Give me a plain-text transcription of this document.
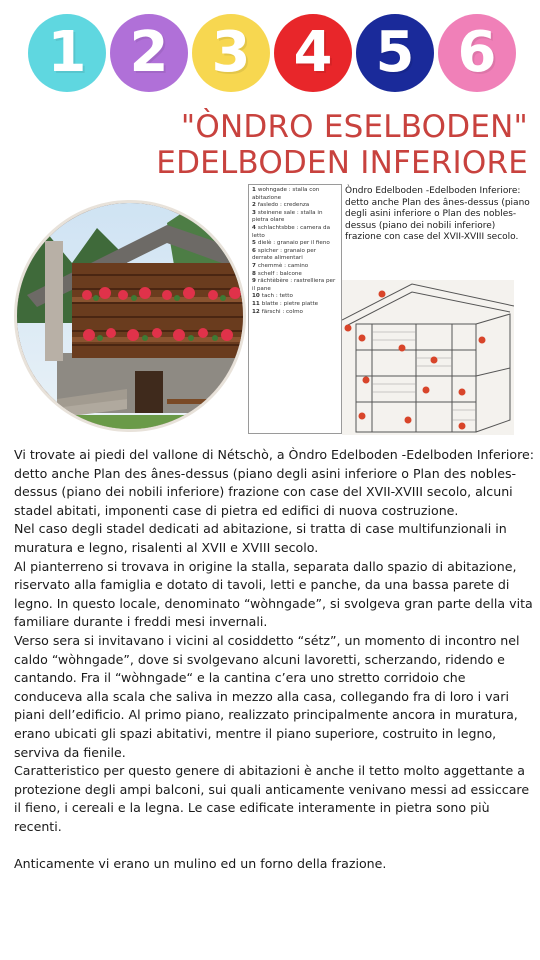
1 2 3 4 5 6
"ÒNDRO ESELBODEN"
EDELBODEN INFERIORE
1 wohngade : stalla con abitazione
2 fasledo : credenza
3 steinene sale : stalla in pietra olare
4 schlachtsbbe : camera da letto
5 dielè : granaio per il fieno
6 spicher : granaio per derrate alimentari
7 chemmè : camino
8 schelf : balcone
9 rächtèbère : rastrelliera per il pane
10 tach : tetto
11 blatte : pietre piatte
12 färschi : colmo
Òndro Edelboden -Edelboden Inferiore: detto anche Plan des ânes-dessus (piano degli asini inferiore o Plan des nobles-dessus (piano dei nobili inferiore) frazione con case del XVII-XVIII secolo.

Vi trovate ai piedi del vallone di Nétschò, a Òndro Edelboden -Edelboden Inferiore: detto anche Plan des ânes-dessus (piano degli asini inferiore o Plan des nobles-dessus (piano dei nobili inferiore) frazione con case del XVII-XVIII secolo, alcuni stadel abitati, imponenti case di pietra ed edifici di nuova costruzione.

Nel caso degli stadel dedicati ad abitazione, si tratta di case multifunzionali in muratura e legno, risalenti al XVII e XVIII secolo.

Al pianterreno si trovava in origine la stalla, separata dallo spazio di abitazione, riservato alla famiglia e dotato di tavoli, letti e panche, da una bassa parete di legno. In questo locale, denominato “wòhngade”, si svolgeva gran parte della vita familiare durante i freddi mesi invernali.

Verso sera si invitavano i vicini al cosiddetto “sétz”, un momento di incontro nel caldo “wòhngade”, dove si svolgevano alcuni lavoretti, scherzando, ridendo e cantando. Fra il “wòhngade“ e la cantina c’era uno stretto corridoio che conduceva alla scala che saliva in mezzo alla casa, collegando fra di loro i vari piani dell’edificio. Al primo piano, realizzato principalmente ancora in muratura, erano ubicati gli spazi abitativi, mentre il piano superiore, costruito in legno, serviva da fienile.

Caratteristico per questo genere di abitazioni è anche il tetto molto aggettante a protezione degli ampi balconi, sui quali anticamente venivano messi ad essiccare il fieno, i cereali e la legna. Le case edificate interamente in pietra sono più recenti.

Anticamente vi erano un mulino ed un forno della frazione.
